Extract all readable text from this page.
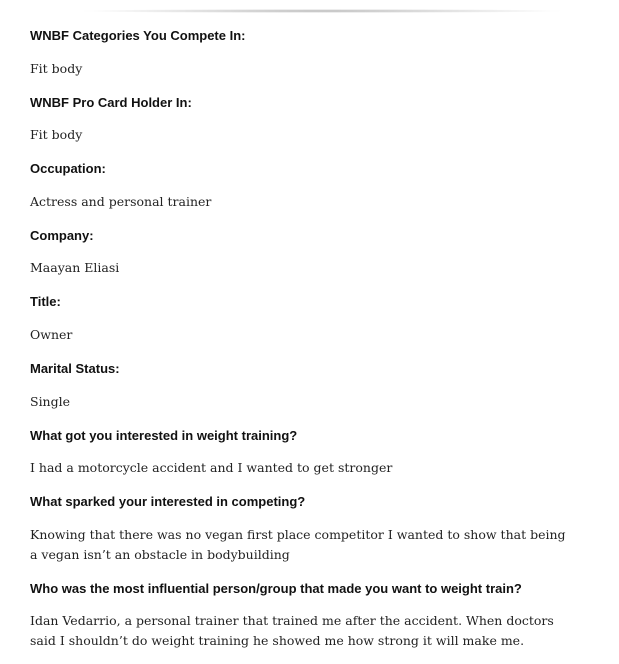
WNBF Categories You Compete In:
Fit body
WNBF Pro Card Holder In:
Fit body
Occupation:
Actress and personal trainer
Company:
Maayan Eliasi
Title:
Owner
Marital Status:
Single
What got you interested in weight training?
I had a motorcycle accident and I wanted to get stronger
What sparked your interested in competing?
Knowing that there was no vegan first place competitor I wanted to show that being a vegan isn’t an obstacle in bodybuilding
Who was the most influential person/group that made you want to weight train?
Idan Vedarrio, a personal trainer that trained me after the accident. When doctors said I shouldn’t do weight training he showed me how strong it will make me.
